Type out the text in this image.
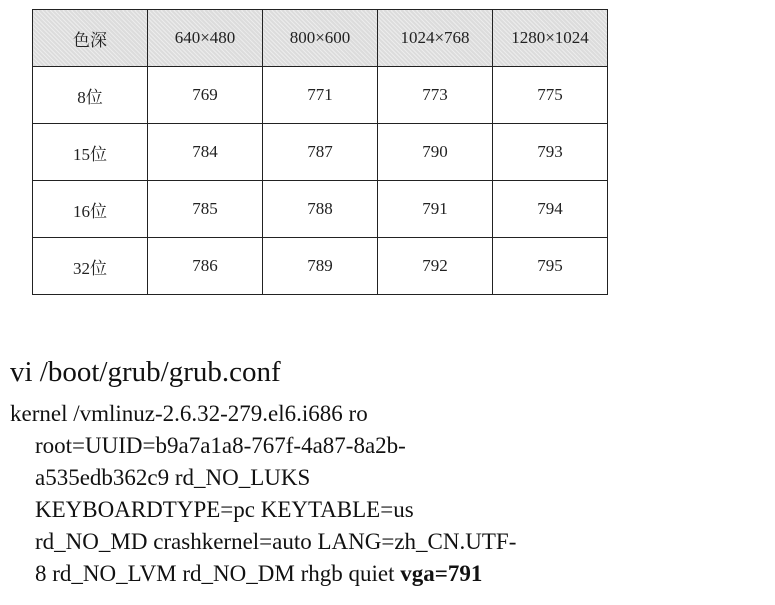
色深	640×480	800×600	1024×768	1280×1024
8位	769	771	773	775
15位	784	787	790	793
16位	785	788	791	794
32位	786	789	792	795
vi /boot/grub/grub.conf
kernel /vmlinuz-2.6.32-279.el6.i686 ro
root=UUID=b9a7a1a8-767f-4a87-8a2b-
a535edb362c9 rd_NO_LUKS
KEYBOARDTYPE=pc KEYTABLE=us
rd_NO_MD crashkernel=auto LANG=zh_CN.UTF-
8 rd_NO_LVM rd_NO_DM rhgb quiet vga=791
